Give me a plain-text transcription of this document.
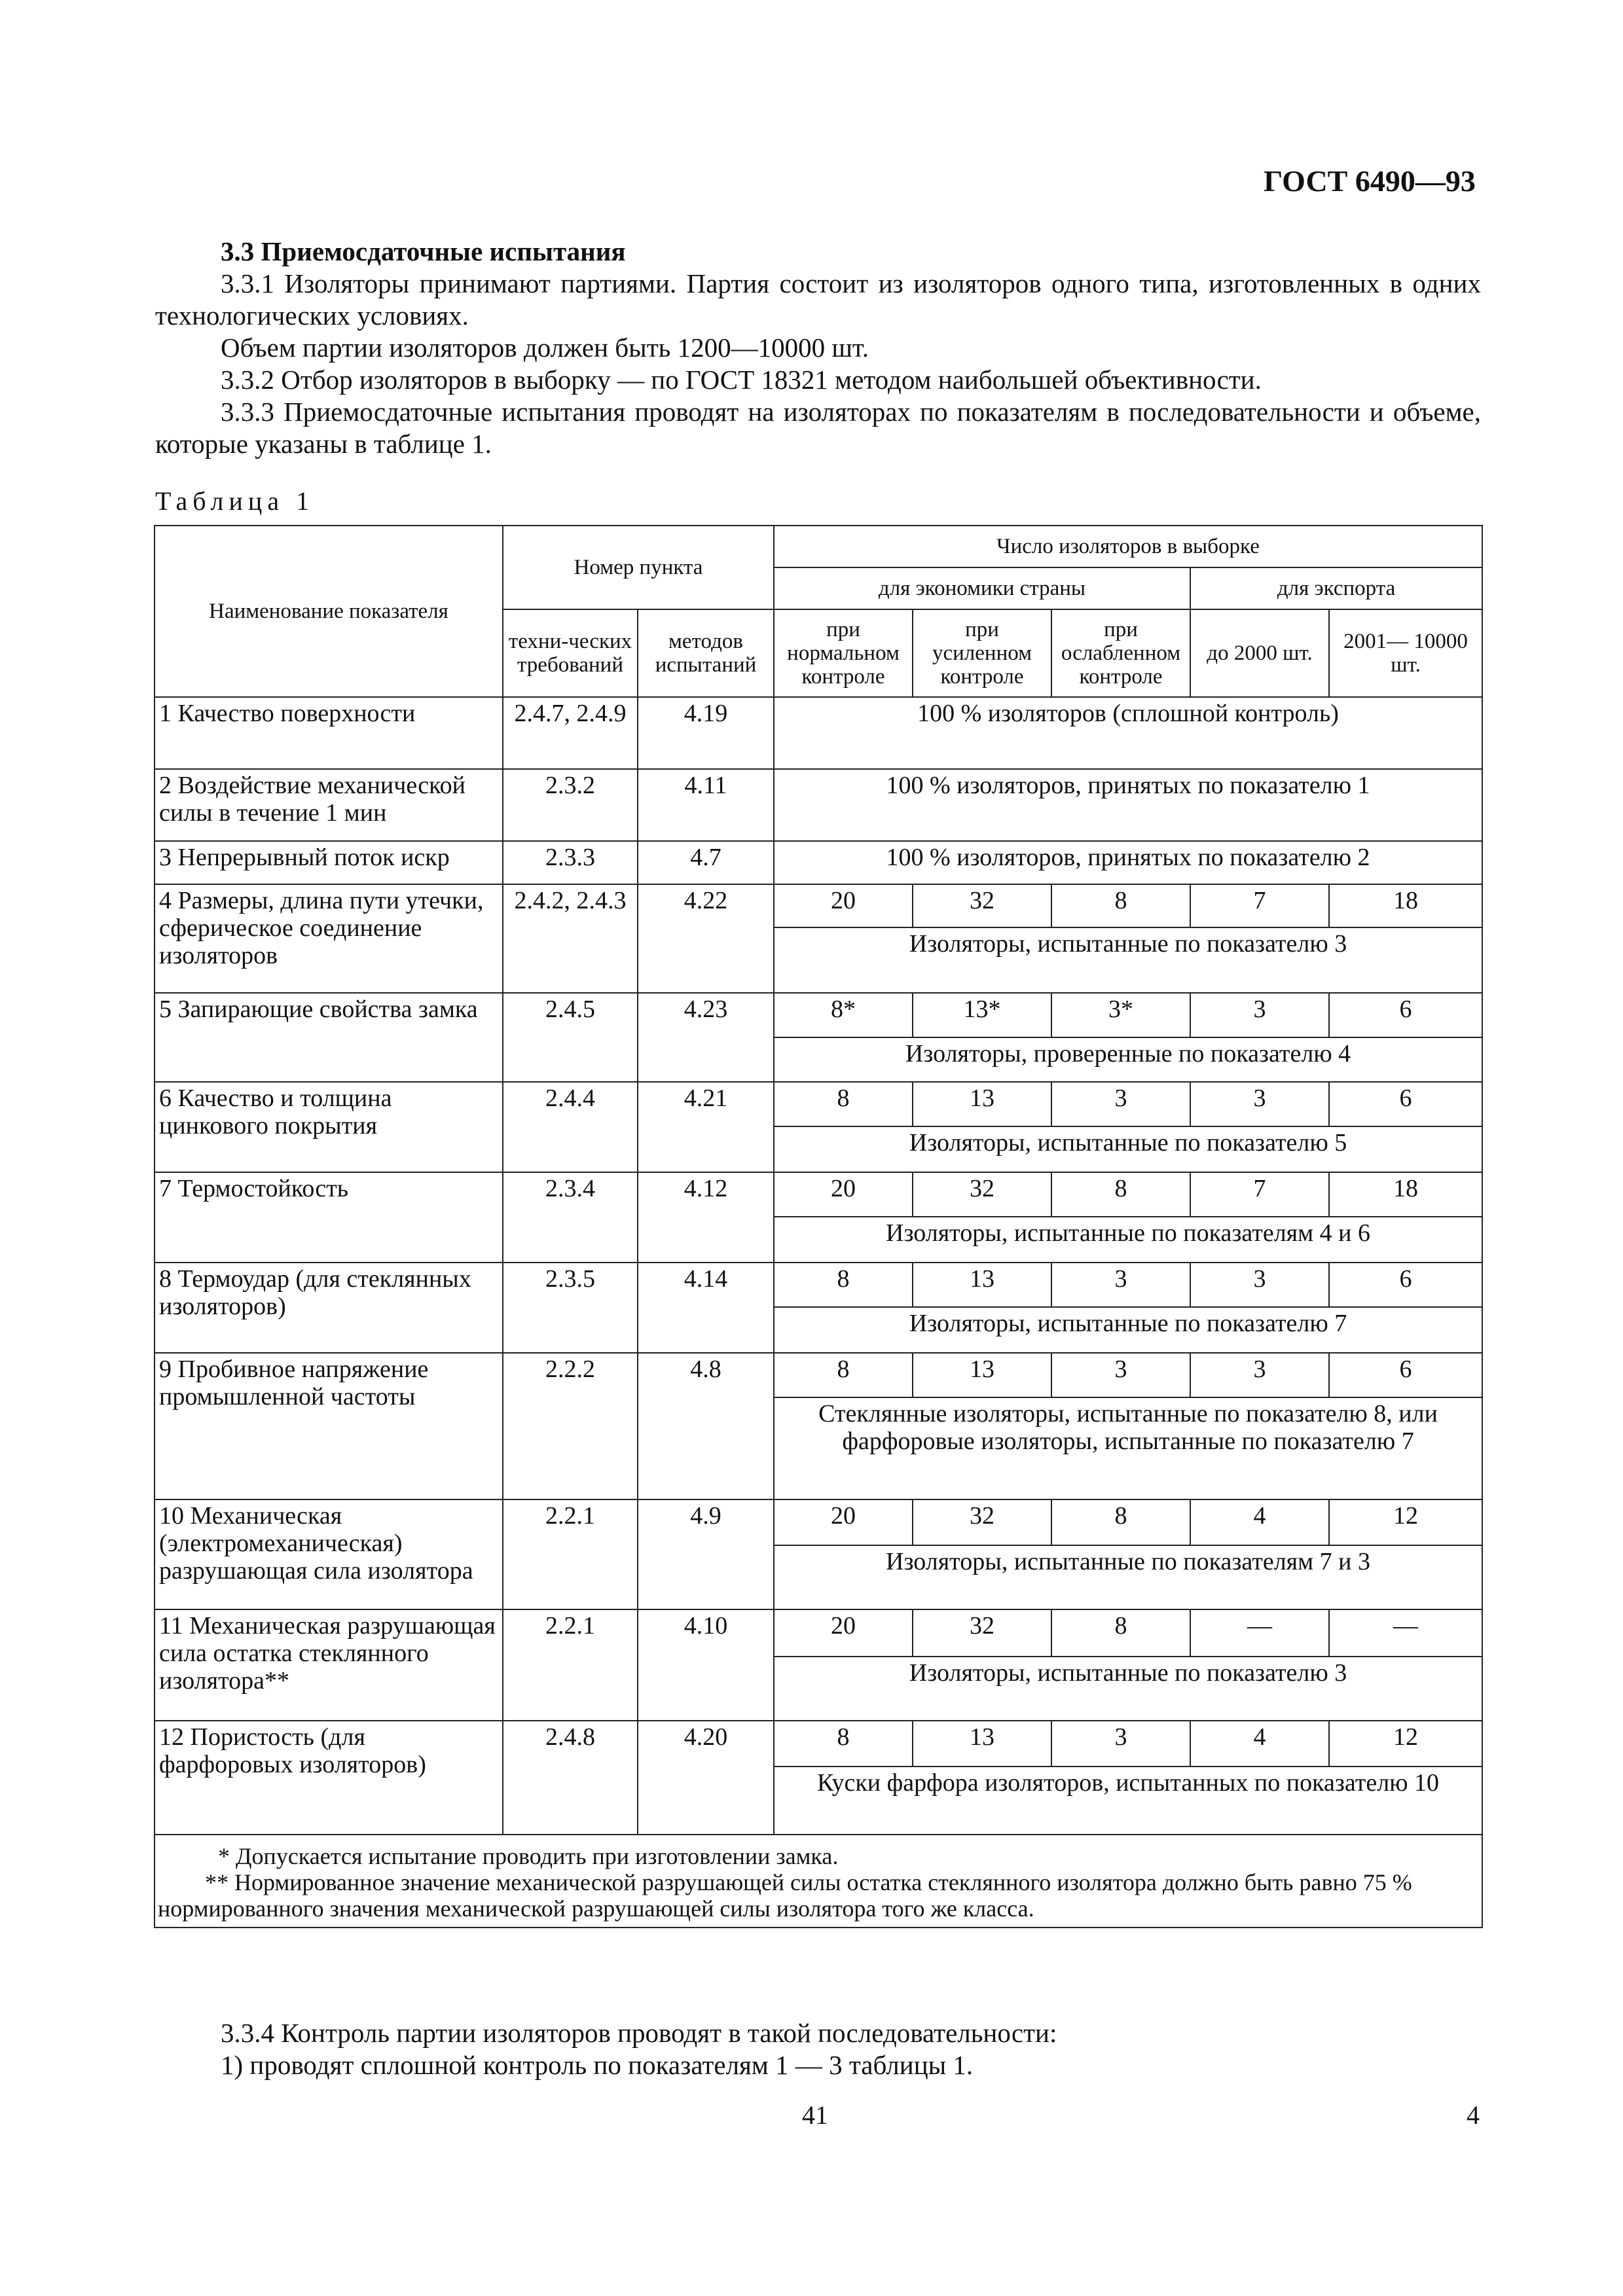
ГОСТ 6490—93

3.3 Приемосдаточные испытания

3.3.1 Изоляторы принимают партиями. Партия состоит из изоляторов одного типа, изготовленных в одних технологических условиях.

Объем партии изоляторов должен быть 1200—10000 шт.

3.3.2 Отбор изоляторов в выборку — по ГОСТ 18321 методом наибольшей объективности.

3.3.3 Приемосдаточные испытания проводят на изоляторах по показателям в последовательности и объеме, которые указаны в таблице 1.

Таблица 1
Наименование показателя	Номер пункта		Число изоляторов в выборке				
			для экономики страны			для экспорта	
	техни-ческих требований	методов испытаний	при нормальном контроле	при усиленном контроле	при ослабленном контроле	до 2000 шт.	2001— 10000 шт.
1 Качество поверхности	2.4.7, 2.4.9	4.19	100 % изоляторов (сплошной контроль)				
2 Воздействие механической силы в течение 1 мин	2.3.2	4.11	100 % изоляторов, принятых по показателю 1				
3 Непрерывный поток искр	2.3.3	4.7	100 % изоляторов, принятых по показателю 2				
4 Размеры, длина пути утечки, сферическое соединение изоляторов	2.4.2, 2.4.3	4.22	20	32	8	7	18
			Изоляторы, испытанные по показателю 3				
5 Запирающие свойства замка	2.4.5	4.23	8*	13*	3*	3	6
			Изоляторы, проверенные по показателю 4				
6 Качество и толщина цинкового покрытия	2.4.4	4.21	8	13	3	3	6
			Изоляторы, испытанные по показателю 5				
7 Термостойкость	2.3.4	4.12	20	32	8	7	18
			Изоляторы, испытанные по показателям 4 и 6				
8 Термоудар (для стеклянных изоляторов)	2.3.5	4.14	8	13	3	3	6
			Изоляторы, испытанные по показателю 7				
9 Пробивное напряжение промышленной частоты	2.2.2	4.8	8	13	3	3	6
			Стеклянные изоляторы, испытанные по показателю 8, или фарфоровые изоляторы, испытанные по показателю 7				
10 Механическая (электромеханическая) разрушающая сила изолятора	2.2.1	4.9	20	32	8	4	12
			Изоляторы, испытанные по показателям 7 и 3				
11 Механическая разрушающая сила остатка стеклянного изолятора**	2.2.1	4.10	20	32	8	—	—
			Изоляторы, испытанные по показателю 3				
12 Пористость (для фарфоровых изоляторов)	2.4.8	4.20	8	13	3	4	12
			Куски фарфора изоляторов, испытанных по показателю 10				

* Допускается испытание проводить при изготовлении замка.
** Нормированное значение механической разрушающей силы остатка стеклянного изолятора должно быть равно 75 % нормированного значения механической разрушающей силы изолятора того же класса.							

3.3.4 Контроль партии изоляторов проводят в такой последовательности:

1) проводят сплошной контроль по показателям 1 — 3 таблицы 1.

41	4
